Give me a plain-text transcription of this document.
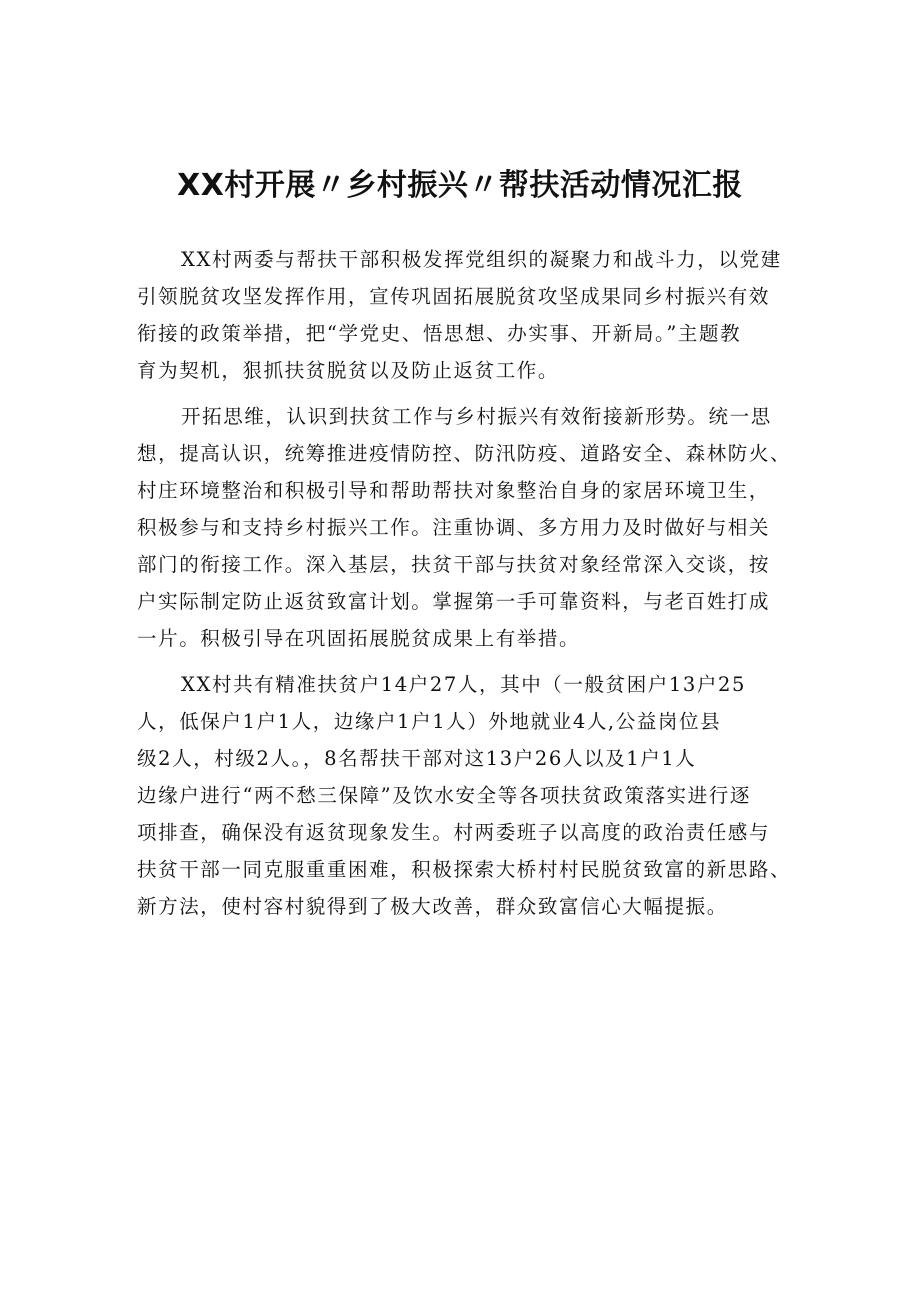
XX村开展〃乡村振兴〃帮扶活动情况汇报
XX村两委与帮扶干部积极发挥党组织的凝聚力和战斗力，以党建
引领脱贫攻坚发挥作用，宣传巩固拓展脱贫攻坚成果同乡村振兴有效
衔接的政策举措，把“学党史、悟思想、办实事、开新局。”主题教
育为契机，狠抓扶贫脱贫以及防止返贫工作。
开拓思维，认识到扶贫工作与乡村振兴有效衔接新形势。统一思
想，提高认识，统筹推进疫情防控、防汛防疫、道路安全、森林防火、
村庄环境整治和积极引导和帮助帮扶对象整治自身的家居环境卫生，
积极参与和支持乡村振兴工作。注重协调、多方用力及时做好与相关
部门的衔接工作。深入基层，扶贫干部与扶贫对象经常深入交谈，按
户实际制定防止返贫致富计划。掌握第一手可靠资料，与老百姓打成
一片。积极引导在巩固拓展脱贫成果上有举措。
XX村共有精准扶贫户14户27人，其中（一般贫困户13户25
人，低保户1户1人，边缘户1户1人）外地就业4人,公益岗位县
级2人，村级2人。，8名帮扶干部对这13户26人以及1户1人
边缘户进行“两不愁三保障”及饮水安全等各项扶贫政策落实进行逐
项排查，确保没有返贫现象发生。村两委班子以高度的政治责任感与
扶贫干部一同克服重重困难，积极探索大桥村村民脱贫致富的新思路、
新方法，使村容村貌得到了极大改善，群众致富信心大幅提振。
